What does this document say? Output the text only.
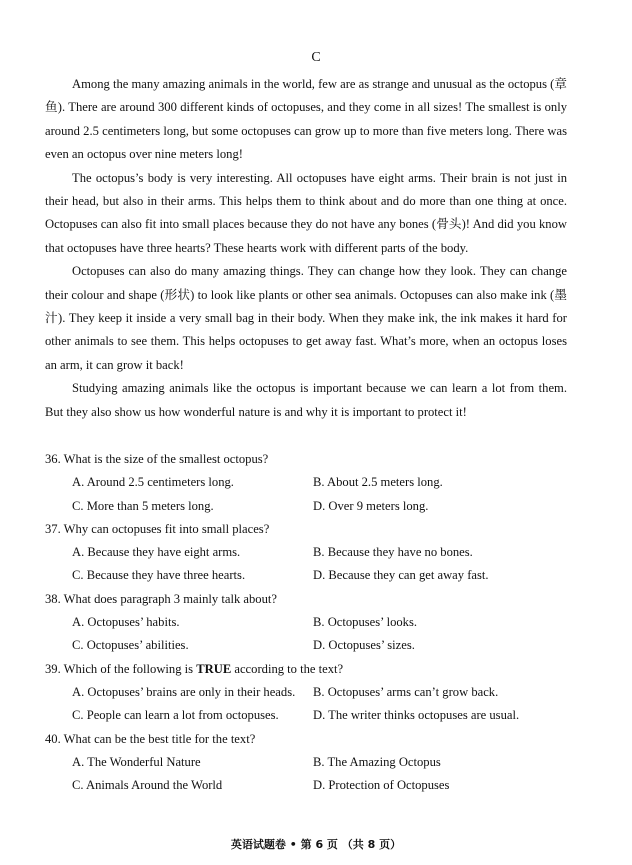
C

Among the many amazing animals in the world, few are as strange and unusual as the octopus (章鱼). There are around 300 different kinds of octopuses, and they come in all sizes! The smallest is only around 2.5 centimeters long, but some octopuses can grow up to more than five meters long. There was even an octopus over nine meters long!

The octopus’s body is very interesting. All octopuses have eight arms. Their brain is not just in their head, but also in their arms. This helps them to think about and do more than one thing at once. Octopuses can also fit into small places because they do not have any bones (骨头)! And did you know that octopuses have three hearts? These hearts work with different parts of the body.

Octopuses can also do many amazing things. They can change how they look. They can change their colour and shape (形状) to look like plants or other sea animals. Octopuses can also make ink (墨汁). They keep it inside a very small bag in their body. When they make ink, the ink makes it hard for other animals to see them. This helps octopuses to get away fast. What’s more, when an octopus loses an arm, it can grow it back!

Studying amazing animals like the octopus is important because we can learn a lot from them. But they also show us how wonderful nature is and why it is important to protect it!

36. What is the size of the smallest octopus?

A. Around 2.5 centimeters long.	B. About 2.5 meters long.
C. More than 5 meters long.	D. Over 9 meters long.

37. Why can octopuses fit into small places?

A. Because they have eight arms.	B. Because they have no bones.
C. Because they have three hearts.	D. Because they can get away fast.

38. What does paragraph 3 mainly talk about?

A. Octopuses’ habits.	B. Octopuses’ looks.
C. Octopuses’ abilities.	D. Octopuses’ sizes.

39. Which of the following is TRUE according to the text?

A. Octopuses’ brains are only in their heads.	B. Octopuses’ arms can’t grow back.
C. People can learn a lot from octopuses.	D. The writer thinks octopuses are usual.

40. What can be the best title for the text?

A. The Wonderful Nature	B. The Amazing Octopus
C. Animals Around the World	D. Protection of Octopuses
英语试题卷 • 第 6 页 （共 8 页）
